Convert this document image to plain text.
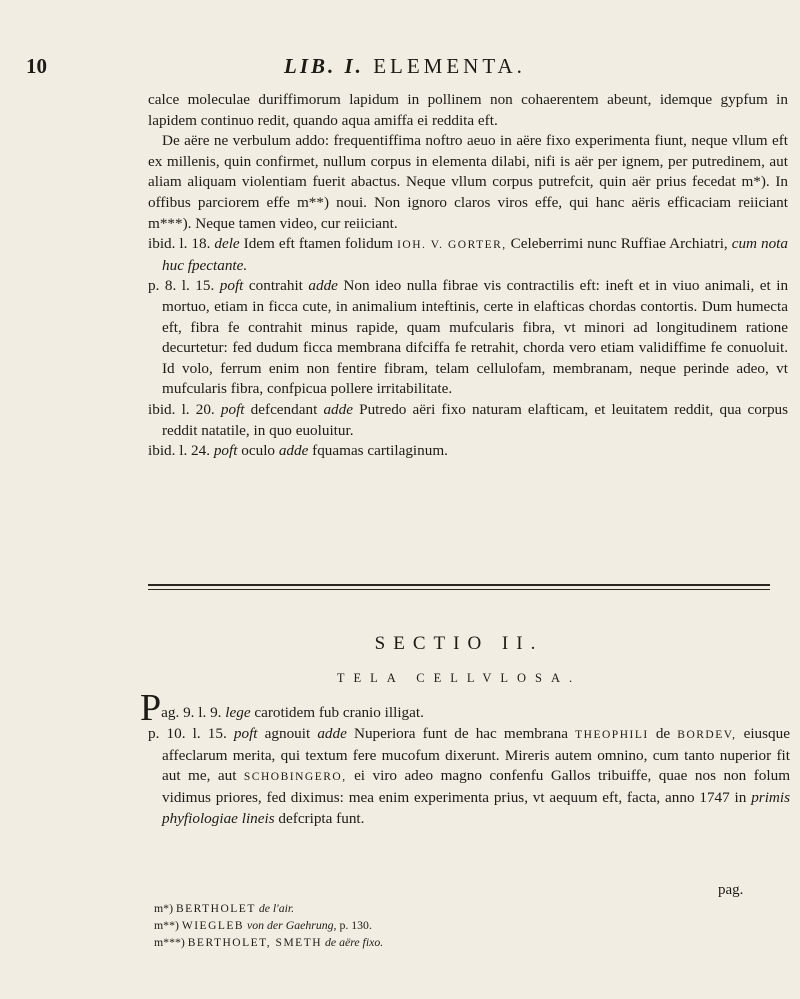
10	LIB. I. ELEMENTA.

calce moleculae duriffimorum lapidum in pollinem non cohaerentem abeunt, idemque gypfum in lapidem continuo redit, quando aqua amiffa ei reddita eft.

De aëre ne verbulum addo: frequentiffima noftro aeuo in aëre fixo experimenta fiunt, neque vllum eft ex millenis, quin confirmet, nullum corpus in elementa dilabi, nifi is aër per ignem, per putredinem, aut aliam aliquam violentiam fuerit abactus. Neque vllum corpus putrefcit, quin aër prius fecedat m*). In offibus parciorem effe m**) noui. Non ignoro claros viros effe, qui hanc aëris efficaciam reiiciant m***). Neque tamen video, cur reiiciant.

ibid. l. 18. dele Idem eft ftamen folidum IOH. V. GORTER, Celeberrimi nunc Ruffiae Archiatri, cum nota huc fpectante.

p. 8. l. 15. poft contrahit adde Non ideo nulla fibrae vis contractilis eft: ineft et in viuo animali, et in mortuo, etiam in ficca cute, in animalium inteftinis, certe in elafticas chordas contortis. Dum humecta eft, fibra fe contrahit minus rapide, quam mufcularis fibra, vt minori ad longitudinem ratione decurtetur: fed dudum ficca membrana difciffa fe retrahit, chorda vero etiam validiffime fe conuoluit. Id volo, ferrum enim non fentire fibram, telam cellulofam, membranam, neque perinde adeo, vt mufcularis fibra, confpicua pollere irritabilitate.

ibid. l. 20. poft defcendant adde Putredo aëri fixo naturam elafticam, et leuitatem reddit, qua corpus reddit natatile, in quo euoluitur.

ibid. l. 24. poft oculo adde fquamas cartilaginum.

SECTIO II.
TELA CELLVLOSA.

Pag. 9. l. 9. lege carotidem fub cranio illigat.

p. 10. l. 15. poft agnouit adde Nuperiora funt de hac membrana THEOPHILI de BORDEV, eiusque affeclarum merita, qui textum fere mucofum dixerunt. Mireris autem omnino, cum tanto nuperior fit aut me, aut SCHOBINGERO, ei viro adeo magno confenfu Gallos tribuiffe, quae nos non folum vidimus priores, fed diximus: mea enim experimenta prius, vt aequum eft, facta, anno 1747 in primis phyfiologiae lineis defcripta funt.

pag.

m*) BERTHOLET de l'air.

m**) WIEGLEB von der Gaehrung, p. 130.

m***) BERTHOLET, SMETH de aëre fixo.
